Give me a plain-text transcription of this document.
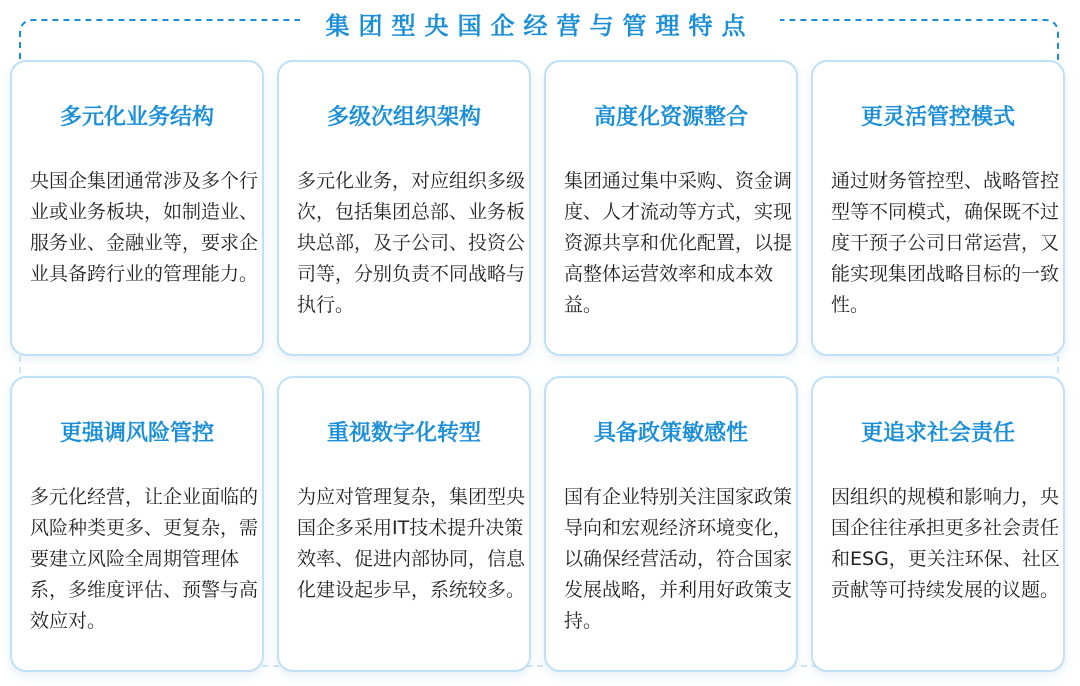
集团型央国企经营与管理特点
多元化业务结构
央国企集团通常涉及多个行业或业务板块，如制造业、服务业、金融业等，要求企业具备跨行业的管理能力。
多级次组织架构
多元化业务，对应组织多级次，包括集团总部、业务板块总部，及子公司、投资公司等，分别负责不同战略与执行。
高度化资源整合
集团通过集中采购、资金调度、人才流动等方式，实现资源共享和优化配置，以提高整体运营效率和成本效益。
更灵活管控模式
通过财务管控型、战略管控型等不同模式，确保既不过度干预子公司日常运营，又能实现集团战略目标的一致性。
更强调风险管控
多元化经营，让企业面临的风险种类更多、更复杂，需要建立风险全周期管理体系，多维度评估、预警与高效应对。
重视数字化转型
为应对管理复杂，集团型央国企多采用IT技术提升决策效率、促进内部协同，信息化建设起步早，系统较多。
具备政策敏感性
国有企业特别关注国家政策导向和宏观经济环境变化，以确保经营活动，符合国家发展战略，并利用好政策支持。
更追求社会责任
因组织的规模和影响力，央国企往往承担更多社会责任和ESG，更关注环保、社区贡献等可持续发展的议题。
